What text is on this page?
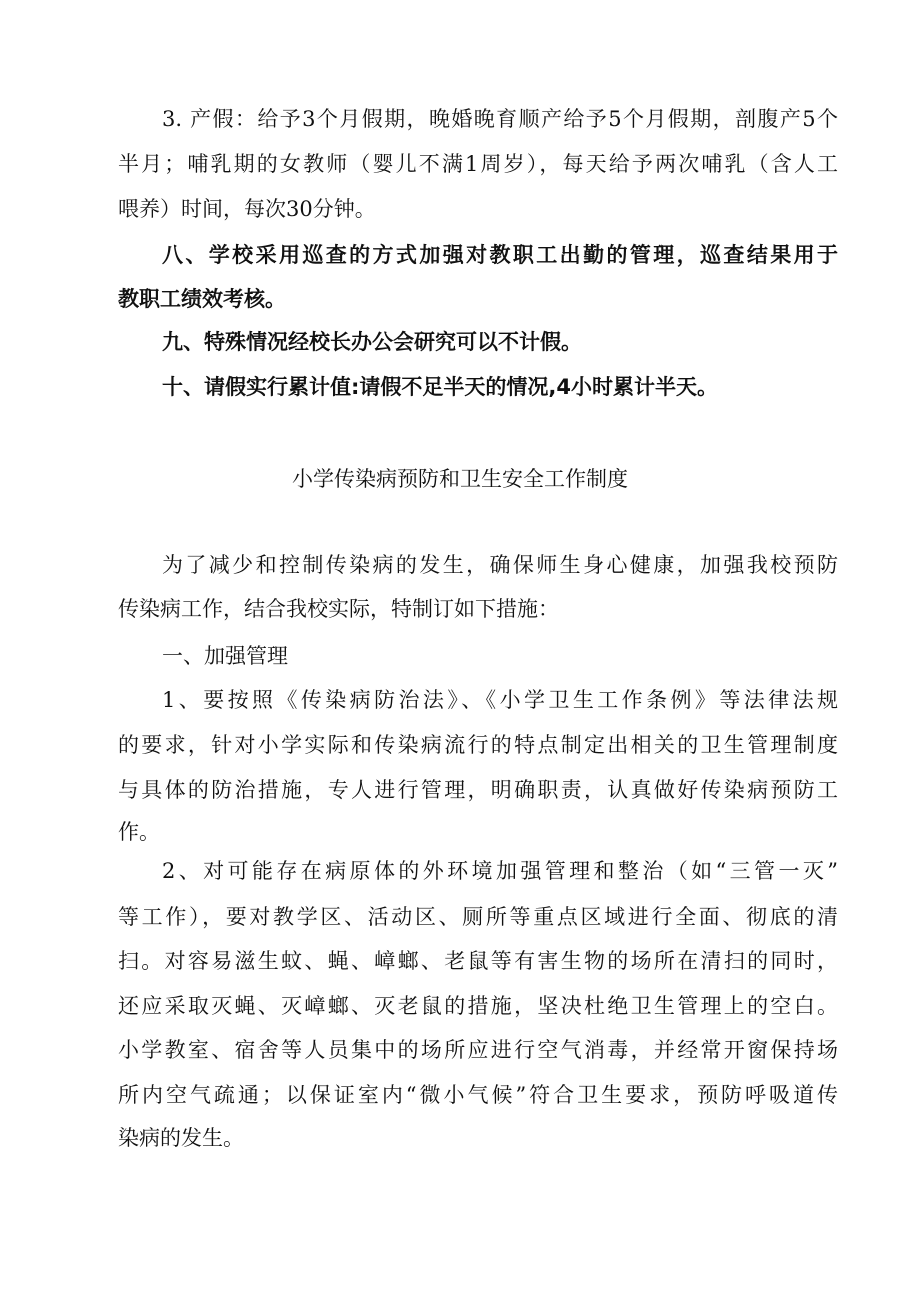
3. 产假：给予3个月假期，晚婚晚育顺产给予5个月假期，剖腹产5个
半月；哺乳期的女教师（婴儿不满1周岁），每天给予两次哺乳（含人工
喂养）时间，每次30分钟。
八、学校采用巡查的方式加强对教职工出勤的管理，巡查结果用于
教职工绩效考核。
九、特殊情况经校长办公会研究可以不计假。
十、请假实行累计值:请假不足半天的情况,4小时累计半天。
小学传染病预防和卫生安全工作制度
为了减少和控制传染病的发生，确保师生身心健康，加强我校预防
传染病工作，结合我校实际，特制订如下措施：
一、加强管理
1、要按照《传染病防治法》、《小学卫生工作条例》等法律法规
的要求，针对小学实际和传染病流行的特点制定出相关的卫生管理制度
与具体的防治措施，专人进行管理，明确职责，认真做好传染病预防工
作。
2、对可能存在病原体的外环境加强管理和整治（如“三管一灭”
等工作），要对教学区、活动区、厕所等重点区域进行全面、彻底的清
扫。对容易滋生蚊、蝇、嶂螂、老鼠等有害生物的场所在清扫的同时，
还应采取灭蝇、灭嶂螂、灭老鼠的措施，坚决杜绝卫生管理上的空白。
小学教室、宿舍等人员集中的场所应进行空气消毒，并经常开窗保持场
所内空气疏通；以保证室内“微小气候”符合卫生要求，预防呼吸道传
染病的发生。
